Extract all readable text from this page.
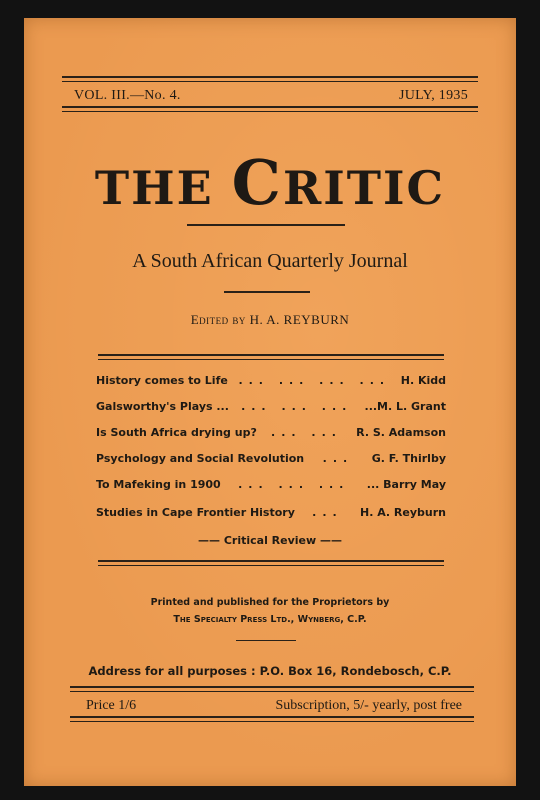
VOL. III.—No. 4.	JULY, 1935
THE CRITIC
A South African Quarterly Journal
Edited by H. A. REYBURN
History comes to Life ... ... ... ... H. Kidd
Galsworthy's Plays ...	... ... ...	...M. L. Grant
Is South Africa drying up?	... ...	R. S. Adamson
Psychology and Social Revolution	...	G. F. Thirlby
To Mafeking in 1900	... ... ...	... Barry May
Studies in Cape Frontier History	...	H. A. Reyburn
—— Critical Review ——
Printed and published for the Proprietors by
The Specialty Press Ltd., Wynberg, C.P.
Address for all purposes : P.O. Box 16, Rondebosch, C.P.
Price 1/6	Subscription, 5/- yearly, post free
